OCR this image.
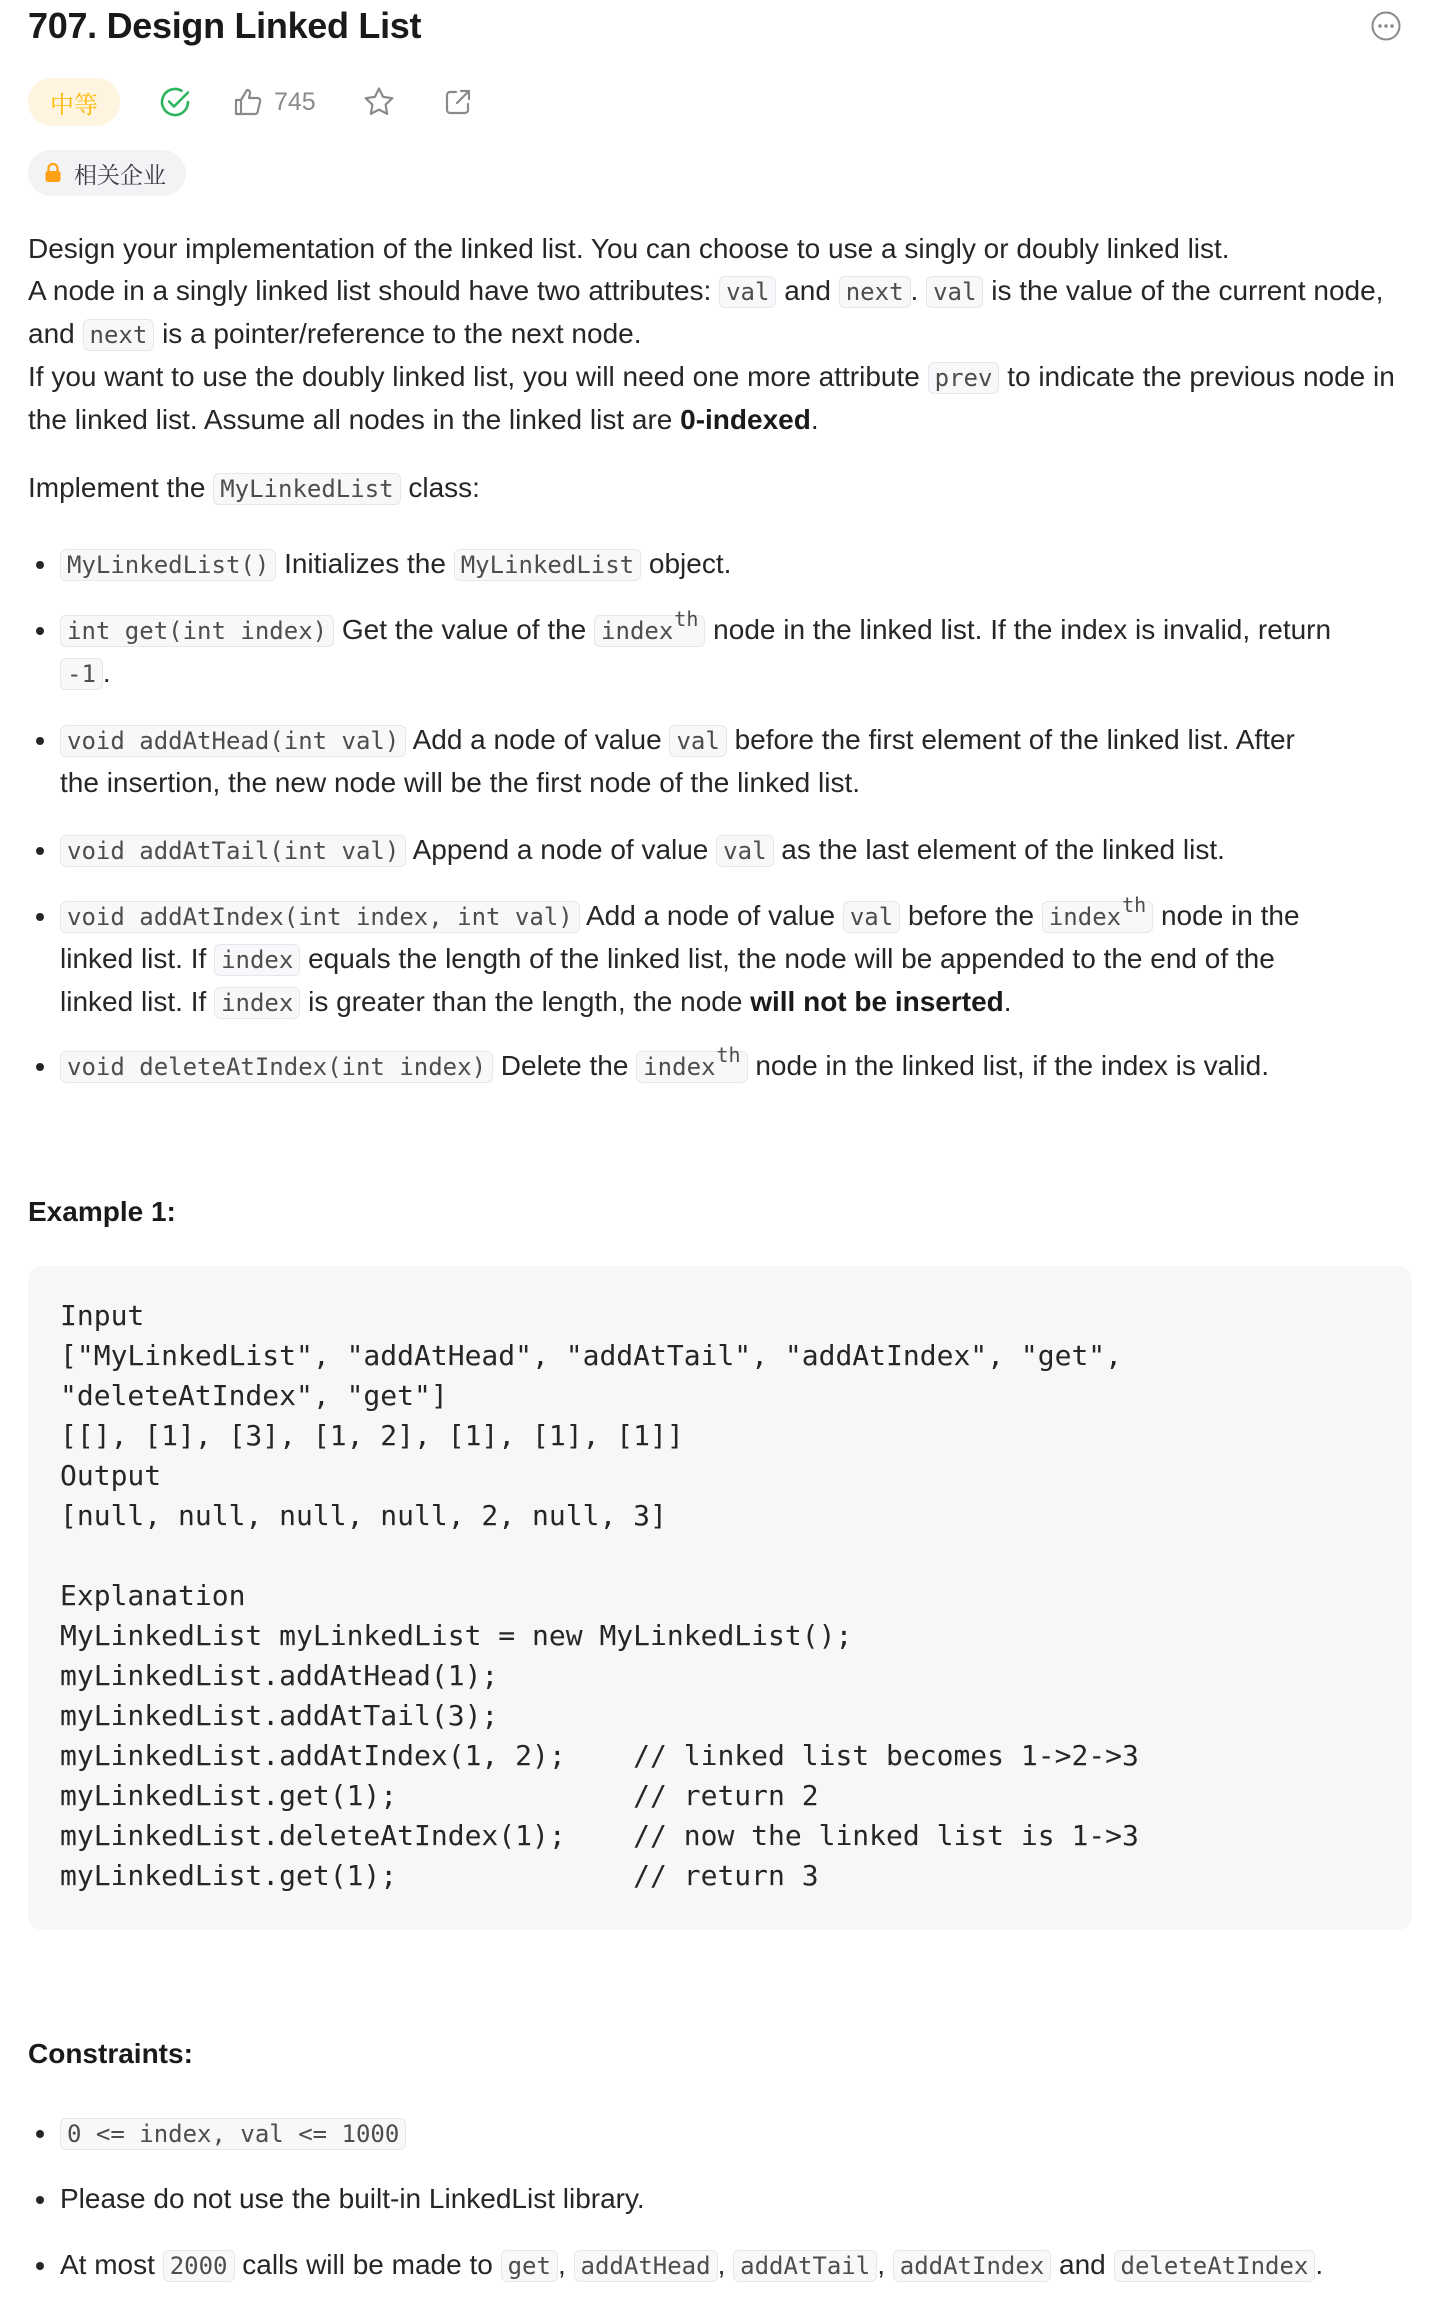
707. Design Linked List
中等	745
相关企业

Design your implementation of the linked list. You can choose to use a singly or doubly linked list.

A node in a singly linked list should have two attributes: val and next . val is the value of the current node, and next is a pointer/reference to the next node.

If you want to use the doubly linked list, you will need one more attribute prev to indicate the previous node in the linked list. Assume all nodes in the linked list are 0-indexed.

Implement the MyLinkedList class:

MyLinkedList() Initializes the MyLinkedList object.
int get(int index) Get the value of the index$^{th}$ node in the linked list. If the index is invalid, return
-1 .
void addAtHead(int val) Add a node of value val before the first element of the linked list. After
the insertion, the new node will be the first node of the linked list.
void addAtTail(int val) Append a node of value val as the last element of the linked list.
void addAtIndex(int index, int val) Add a node of value val before the index$^{th}$ node in the
linked list. If index equals the length of the linked list, the node will be appended to the end of the
linked list. If index is greater than the length, the node will not be inserted.
void deleteAtIndex(int index) Delete the index$^{th}$ node in the linked list, if the index is valid.
Example 1:
Input
["MyLinkedList", "addAtHead", "addAtTail", "addAtIndex", "get",
"deleteAtIndex", "get"]
[[], [1], [3], [1, 2], [1], [1], [1]]
Output
[null, null, null, null, 2, null, 3]

Explanation
MyLinkedList myLinkedList = new MyLinkedList();
myLinkedList.addAtHead(1);
myLinkedList.addAtTail(3);
myLinkedList.addAtIndex(1, 2);    // linked list becomes 1->2->3
myLinkedList.get(1);              // return 2
myLinkedList.deleteAtIndex(1);    // now the linked list is 1->3
myLinkedList.get(1);              // return 3
Constraints:
0 <= index, val <= 1000
Please do not use the built-in LinkedList library.
At most 2000 calls will be made to get , addAtHead , addAtTail , addAtIndex and deleteAtIndex .
